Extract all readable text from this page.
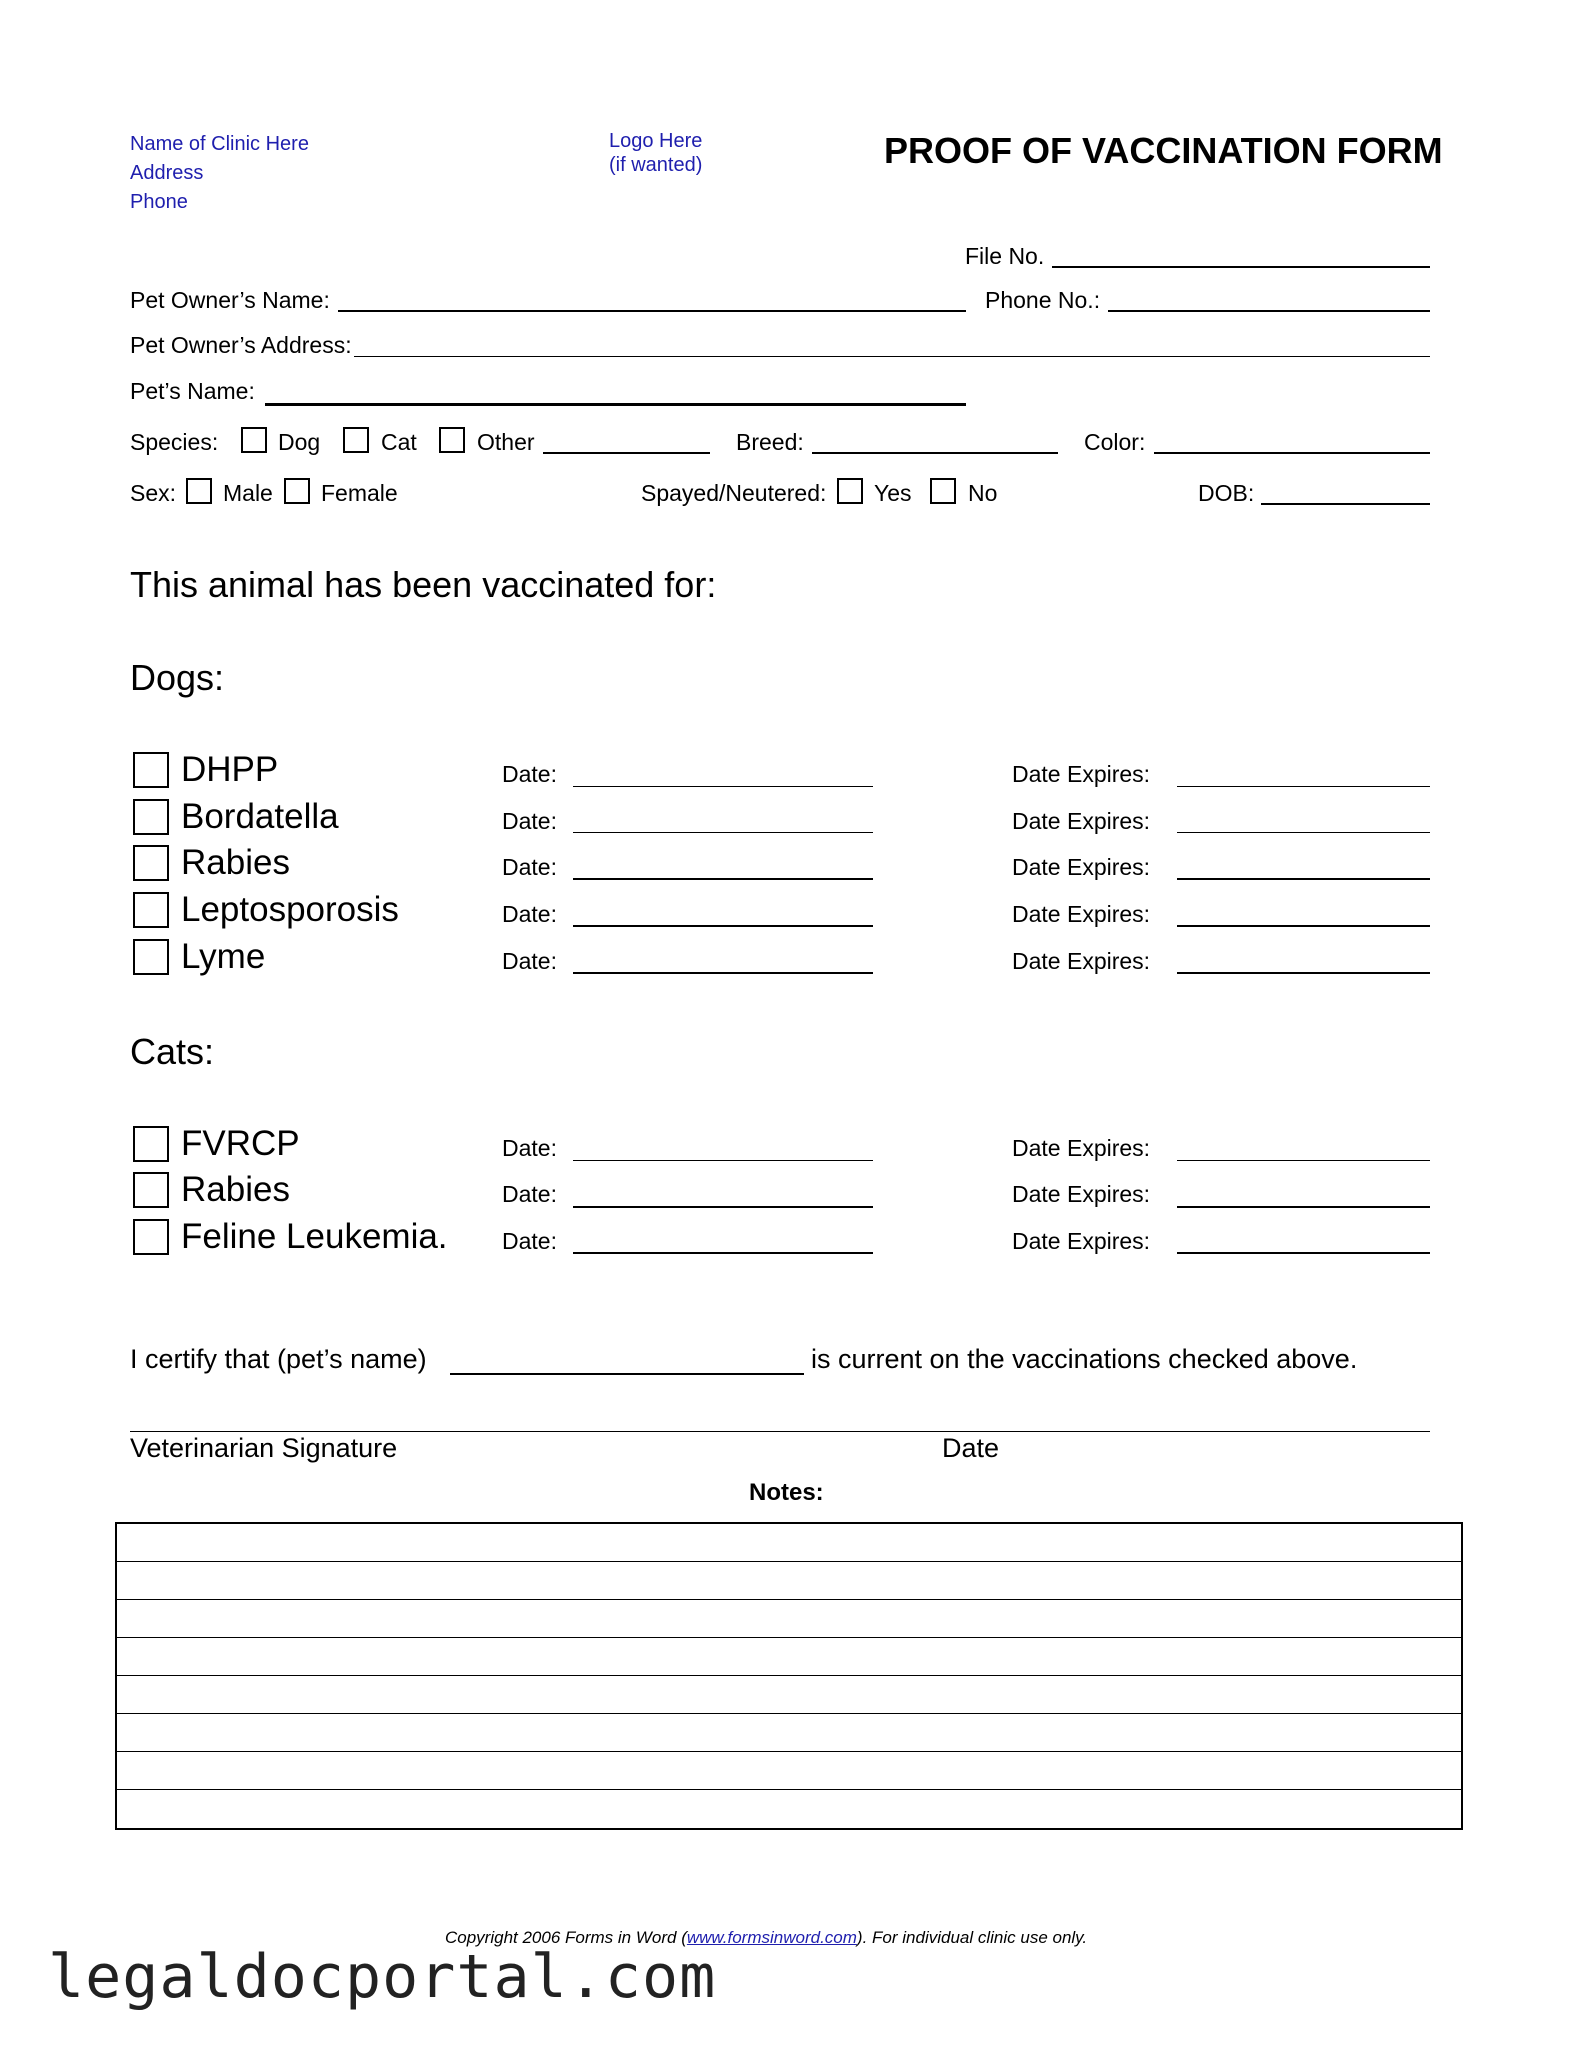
Name of Clinic Here
Address
Phone
Logo Here
(if wanted)	PROOF OF VACCINATION FORM
File No.
Pet Owner’s Name:	Phone No.:
Pet Owner’s Address:
Pet’s Name:
Species:	Dog	Cat	Other	Breed:	Color:
Sex: Male Female	Spayed/Neutered: Yes No	DOB:
This animal has been vaccinated for:
Dogs:
DHPP	Date:	Date Expires:
Bordatella	Date:	Date Expires:
Rabies	Date:	Date Expires:
Leptosporosis	Date:	Date Expires:
Lyme	Date:	Date Expires:
Cats:
FVRCP	Date:	Date Expires:
Rabies	Date:	Date Expires:
Feline Leukemia. Date:	Date Expires:
I certify that (pet’s name)	is current on the vaccinations checked above.
Veterinarian Signature	Date
Notes:
Copyright 2006 Forms in Word (www.formsinword.com). For individual clinic use only.
legaldocportal.com
